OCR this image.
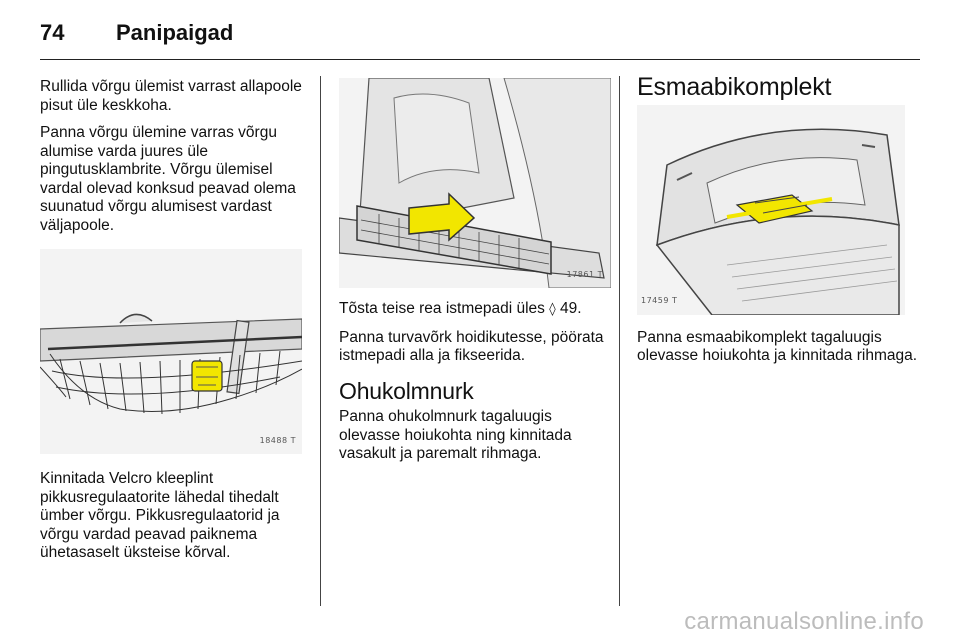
74	Panipaigad

Rullida võrgu ülemist varrast allapoole pisut üle keskkoha.

Panna võrgu ülemine varras võrgu alumise varda juures üle pingutusklambrite. Võrgu ülemisel vardal olevad konksud peavad olema suunatud võrgu alumisest vardast väljapoole.

18488 T

Kinnitada Velcro kleeplint pikkusregulaatorite lähedal tihedalt ümber võrgu. Pikkusregulaatorid ja võrgu vardad peavad paiknema ühetasaselt üksteise kõrval.

17861 T

Tõsta teise rea istmepadi üles ◊ 49.

Panna turvavõrk hoidikutesse, pöörata istmepadi alla ja fikseerida.

Ohukolmnurk

Panna ohukolmnurk tagaluugis olevasse hoiukohta ning kinnitada vasakult ja paremalt rihmaga.

Esmaabikomplekt
17459 T

Panna esmaabikomplekt tagaluugis olevasse hoiukohta ja kinnitada rihmaga.

carmanualsonline.info
